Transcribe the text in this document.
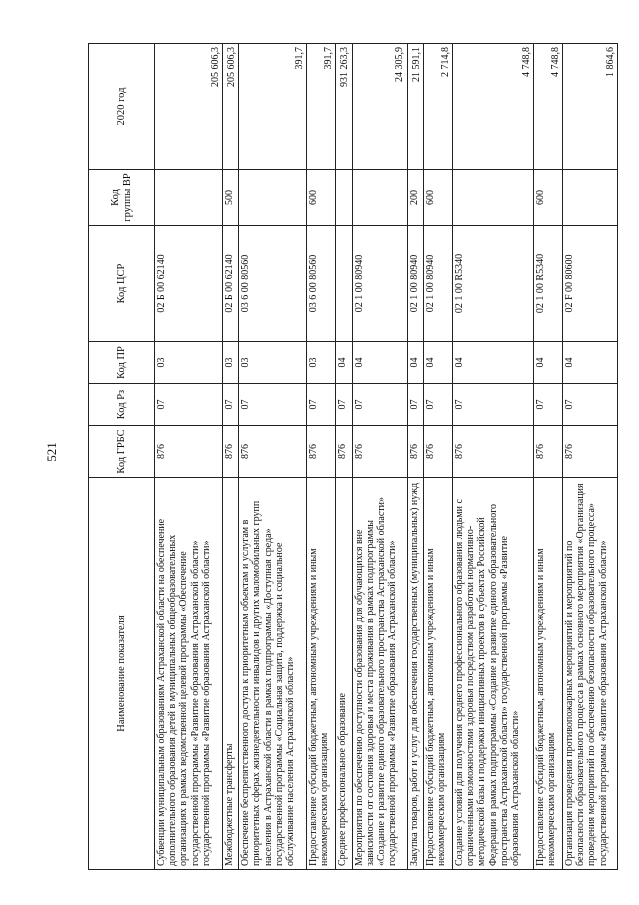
521
Наименование показателя	Код ГРБС	Код Рз	Код ПР	Код ЦСР	Код группы ВР	2020 год
Субвенции муниципальным образованиям Астраханской области на обеспечение дополнительного образования детей в муниципальных общеобразовательных организациях в рамках ведомственной целевой программы «Обеспечение государственной программы «Развитие образования Астраханской области» государственной программы «Развитие образования Астраханской области»	876	07	03	02 Б 00 62140		205 606,3
Межбюджетные трансферты	876	07	03	02 Б 00 62140	500	205 606,3
Обеспечение беспрепятственного доступа к приоритетным объектам и услугам в приоритетных сферах жизнедеятельности инвалидов и других маломобильных групп населения в Астраханской области в рамках подпрограммы «Доступная среда» государственной программы «Социальная защита, поддержка и социальное обслуживание населения Астраханской области»	876	07	03	03 6 00 80560		391,7
Предоставление субсидий бюджетным, автономным учреждениям и иным некоммерческим организациям	876	07	03	03 6 00 80560	600	391,7
Среднее профессиональное образование	876	07	04			931 263,3
Мероприятия по обеспечению доступности образования для обучающихся вне зависимости от состояния здоровья и места проживания в рамках подпрограммы «Создание и развитие единого образовательного пространства Астраханской области» государственной программы «Развитие образования Астраханской области»	876	07	04	02 1 00 80940		24 305,9
Закупка товаров, работ и услуг для обеспечения государственных (муниципальных) нужд	876	07	04	02 1 00 80940	200	21 591,1
Предоставление субсидий бюджетным, автономным учреждениям и иным некоммерческим организациям	876	07	04	02 1 00 80940	600	2 714,8
Создание условий для получения среднего профессионального образования людьми с ограниченными возможностями здоровья посредством разработки нормативно-методической базы и поддержки инициативных проектов в субъектах Российской Федерации в рамках подпрограммы «Создание и развитие единого образовательного пространства Астраханской области» государственной программы «Развитие образования Астраханской области»	876	07	04	02 1 00 R5340		4 748,8
Предоставление субсидий бюджетным, автономным учреждениям и иным некоммерческим организациям	876	07	04	02 1 00 R5340	600	4 748,8
Организация проведения противопожарных мероприятий и мероприятий по безопасности образовательного процесса в рамках основного мероприятия «Организация проведения мероприятий по обеспечению безопасности образовательного процесса» государственной программы «Развитие образования Астраханской области»	876	07	04	02 F 00 80600		1 864,6
